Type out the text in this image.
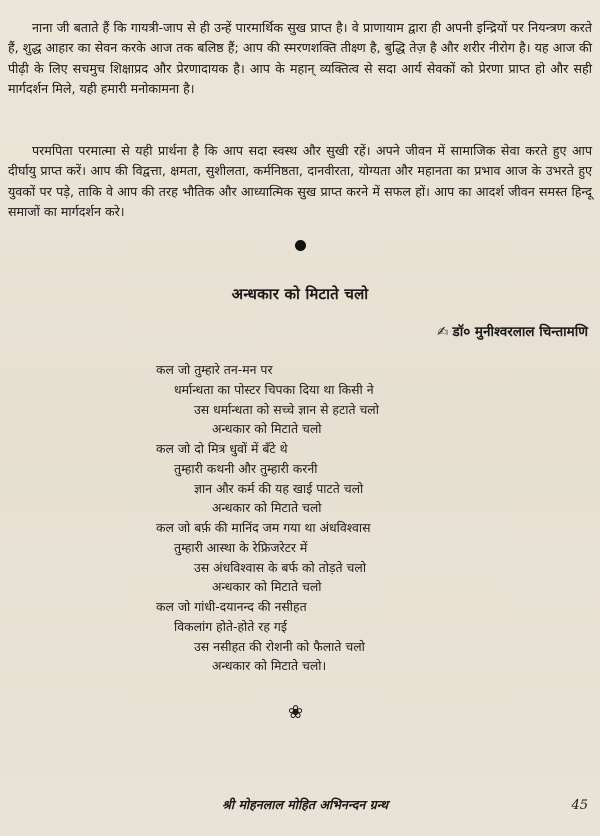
नाना जी बताते हैं कि गायत्री-जाप से ही उन्हें पारमार्थिक सुख प्राप्त है। वे प्राणायाम द्वारा ही अपनी इन्द्रियों पर नियन्त्रण करते हैं, शुद्ध आहार का सेवन करके आज तक बलिष्ठ हैं; आप की स्मरणशक्ति तीक्ष्ण है, बुद्धि तेज़ है और शरीर नीरोग है। यह आज की पीढ़ी के लिए सचमुच शिक्षाप्रद और प्रेरणादायक है। आप के महान् व्यक्तित्व से सदा आर्य सेवकों को प्रेरणा प्राप्त हो और सही मार्गदर्शन मिले, यही हमारी मनोकामना है।

परमपिता परमात्मा से यही प्रार्थना है कि आप सदा स्वस्थ और सुखी रहें। अपने जीवन में सामाजिक सेवा करते हुए आप दीर्घायु प्राप्त करें। आप की विद्वत्ता, क्षमता, सुशीलता, कर्मनिष्ठता, दानवीरता, योग्यता और महानता का प्रभाव आज के उभरते हुए युवकों पर पड़े, ताकि वे आप की तरह भौतिक और आध्यात्मिक सुख प्राप्त करने में सफल हों। आप का आदर्श जीवन समस्त हिन्दू समाजों का मार्गदर्शन करे।

अन्धकार को मिटाते चलो
✍ डॉ० मुनीश्वरलाल चिन्तामणि
कल जो तुम्हारे तन-मन पर
धर्मान्धता का पोस्टर चिपका दिया था किसी ने
उस धर्मान्धता को सच्चे ज्ञान से हटाते चलो
अन्धकार को मिटाते चलो
कल जो दो मित्र धुवों में बँटे थे
तुम्हारी कथनी और तुम्हारी करनी
ज्ञान और कर्म की यह खाई पाटते चलो
अन्धकार को मिटाते चलो
कल जो बर्फ़ की मानिंद जम गया था अंधविश्वास
तुम्हारी आस्था के रेफ्रिजरेटर में
उस अंधविश्वास के बर्फ को तोड़ते चलो
अन्धकार को मिटाते चलो
कल जो गांधी-दयानन्द की नसीहत
विकलांग होते-होते रह गई
उस नसीहत की रोशनी को फैलाते चलो
अन्धकार को मिटाते चलो।
❀
श्री मोहनलाल मोहित अभिनन्दन ग्रन्थ	45
